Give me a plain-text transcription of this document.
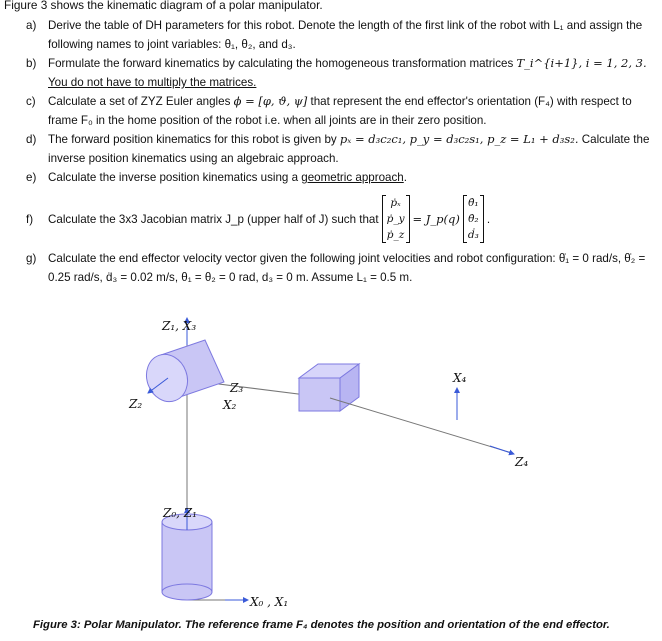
Figure 3 shows the kinematic diagram of a polar manipulator.
a) Derive the table of DH parameters for this robot. Denote the length of the first link of the robot with L₁ and assign the following names to joint variables: θ₁, θ₂, and d₃.
b) Formulate the forward kinematics by calculating the homogeneous transformation matrices T_i^{i+1}, i = 1, 2, 3. You do not have to multiply the matrices.
c) Calculate a set of ZYZ Euler angles ϕ = [φ, ϑ, ψ] that represent the end effector's orientation (F₄) with respect to frame F₀ in the home position of the robot i.e. when all joints are in their zero position.
d) The forward position kinematics for this robot is given by pₓ = d₃c₂c₁, p_y = d₃c₂s₁, p_z = L₁ + d₃s₂. Calculate the inverse position kinematics using an algebraic approach.
e) Calculate the inverse position kinematics using a geometric approach.
f) Calculate the 3x3 Jacobian matrix J_p (upper half of J) such that
ṗₓ
ṗ_y
ṗ_z
= J_p(q)
θ̇₁
θ̇₂
ḋ₃
.
g) Calculate the end effector velocity vector given the following joint velocities and robot configuration: θ̇₁ = 0 rad/s, θ̇₂ = 0.25 rad/s, ḋ₃ = 0.02 m/s, θ₁ = θ₂ = 0 rad, d₃ = 0 m. Assume L₁ = 0.5 m.
Z₁, X₃
Z₂
Z₃
X₂
X₄
Z₄
Z₀, Z₁
X₀ , X₁
Figure 3: Polar Manipulator. The reference frame F₄ denotes the position and orientation of the end effector.
